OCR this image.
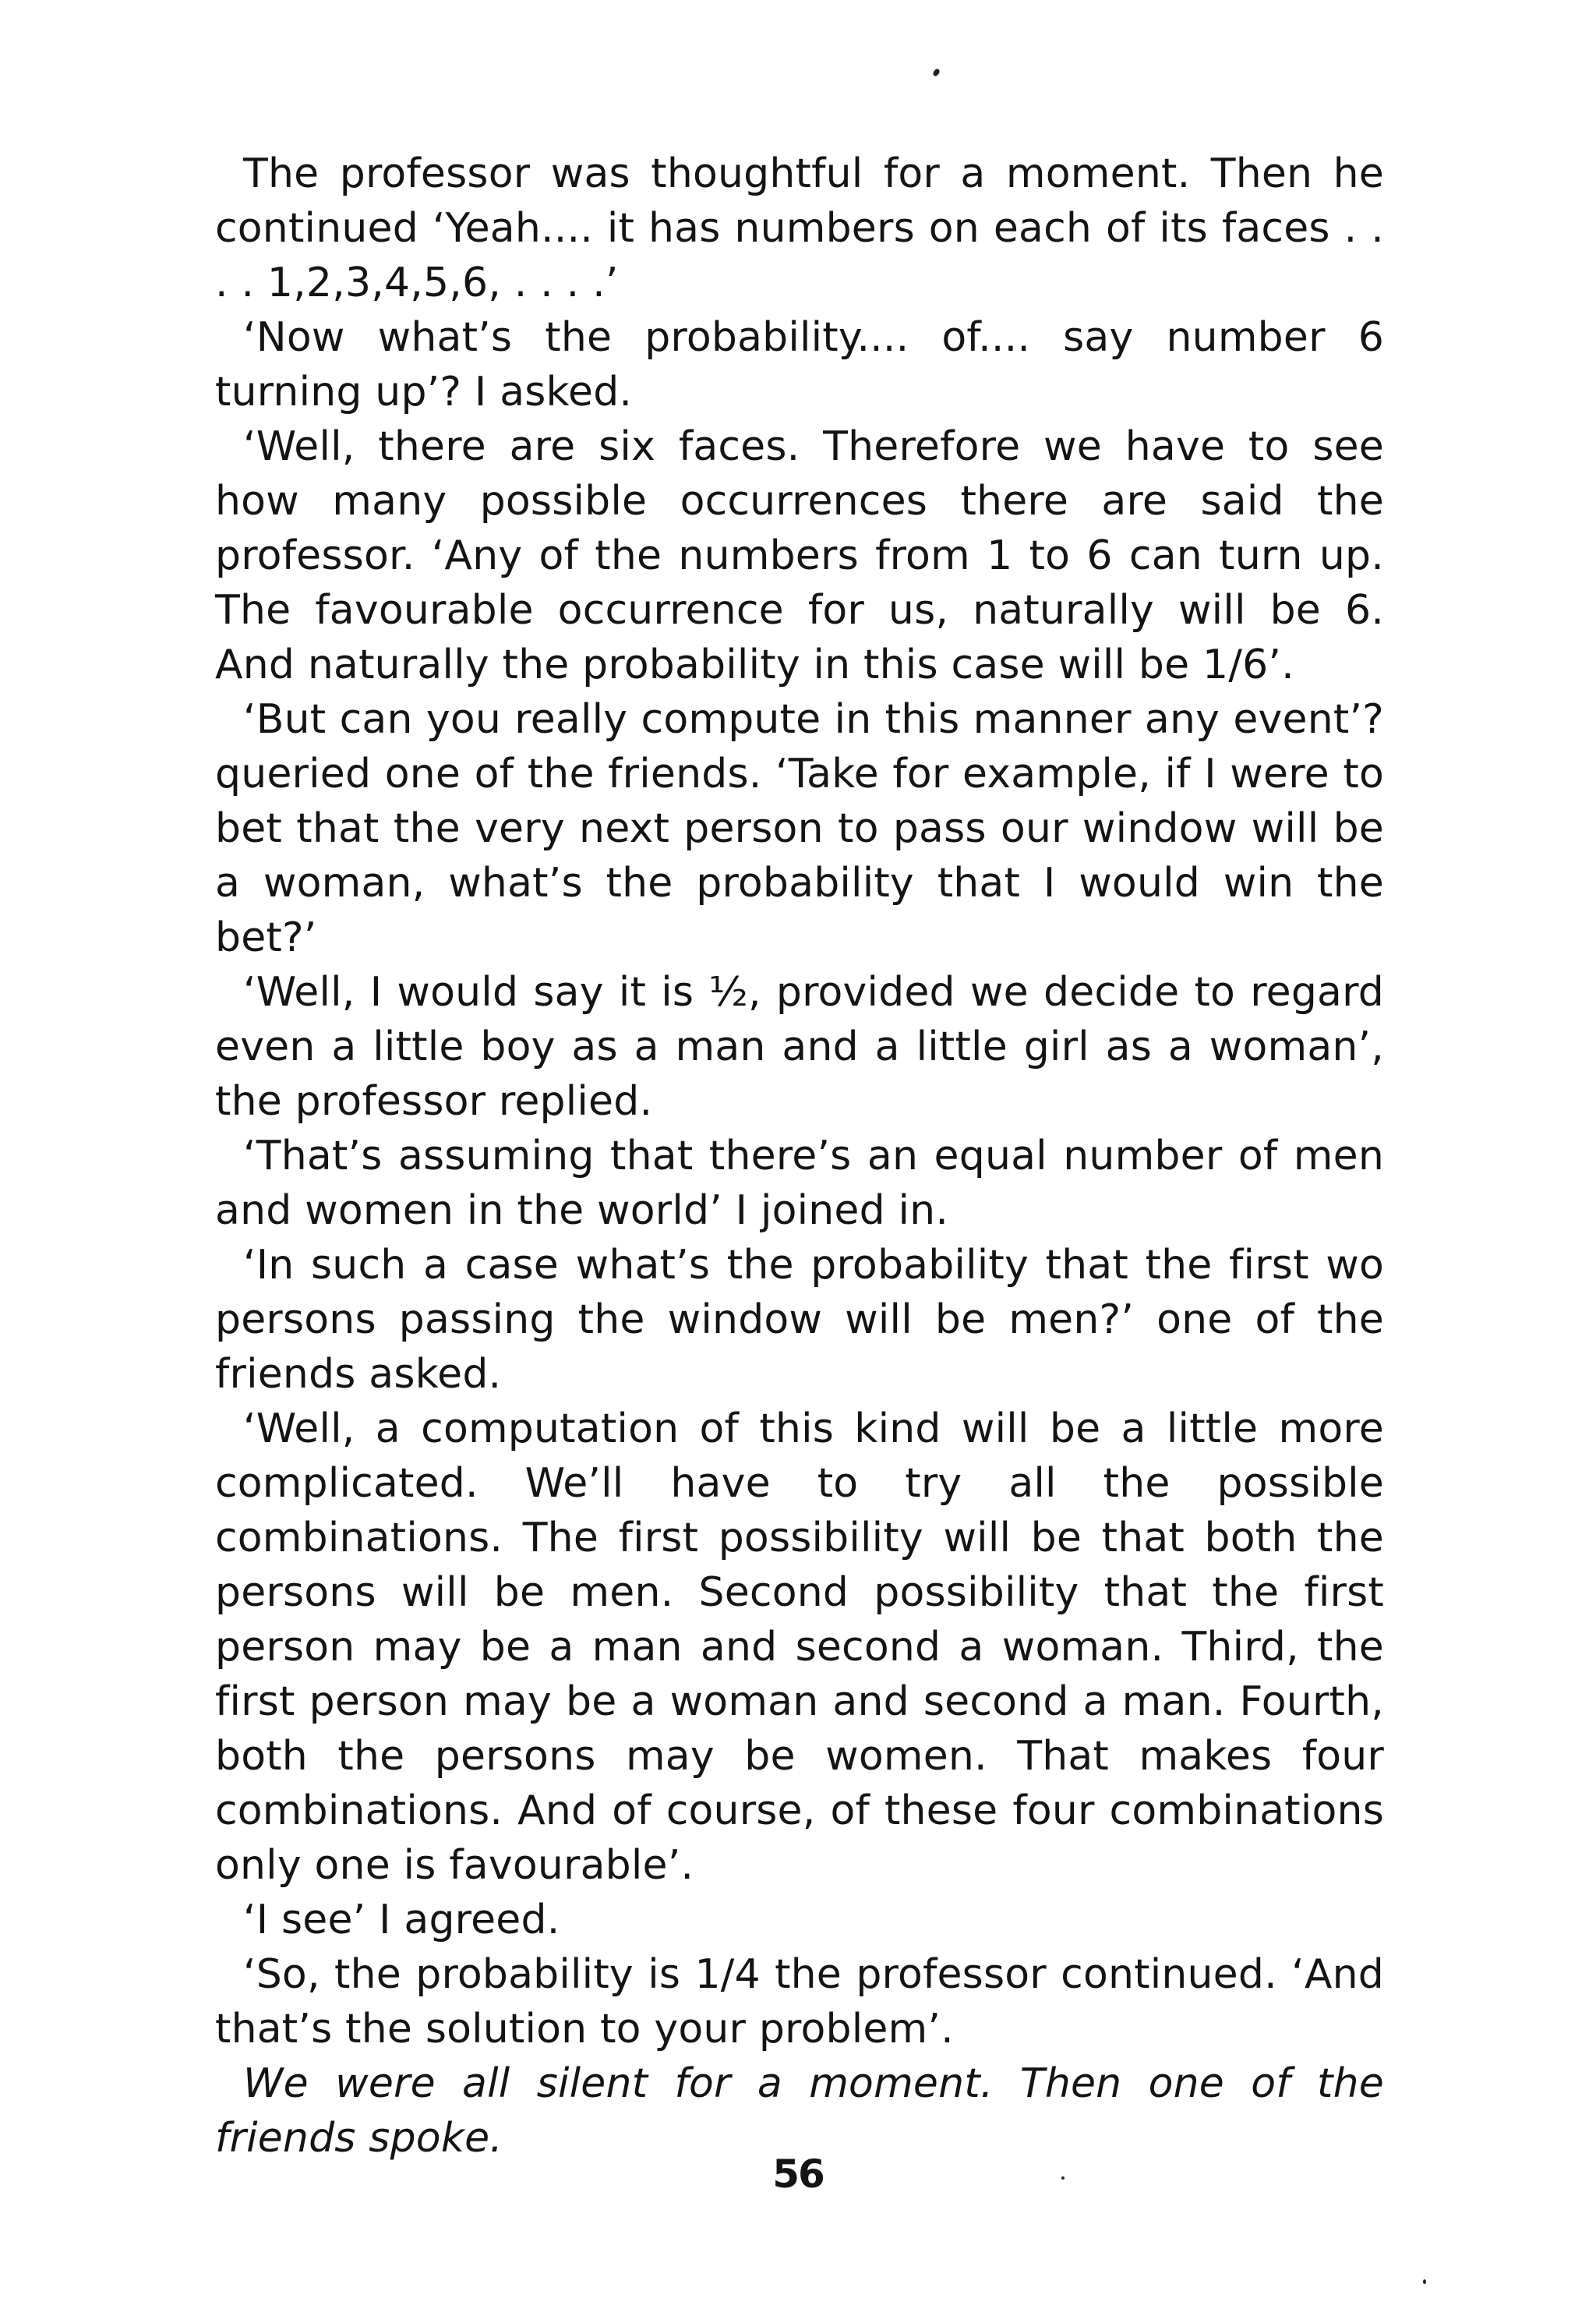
The professor was thoughtful for a moment. Then he continued ‘Yeah.... it has numbers on each of its faces . . . . 1,2,3,4,5,6, . . . .’

‘Now what’s the probability.... of.... say number 6 turning up’? I asked.

‘Well, there are six faces. Therefore we have to see how many possible occurrences there are said the professor. ‘Any of the numbers from 1 to 6 can turn up. The favourable occurrence for us, naturally will be 6. And naturally the probability in this case will be 1/6’.

‘But can you really compute in this manner any event’? queried one of the friends. ‘Take for example, if I were to bet that the very next person to pass our window will be a woman, what’s the probability that I would win the bet?’

‘Well, I would say it is ½, provided we decide to regard even a little boy as a man and a little girl as a woman’, the professor replied.

‘That’s assuming that there’s an equal number of men and women in the world’ I joined in.

‘In such a case what’s the probability that the first wo persons passing the window will be men?’ one of the friends asked.

‘Well, a computation of this kind will be a little more complicated. We’ll have to try all the possible combinations. The first possibility will be that both the persons will be men. Second possibility that the first person may be a man and second a woman. Third, the first person may be a woman and second a man. Fourth, both the persons may be women. That makes four combinations. And of course, of these four combinations only one is favourable’.

‘I see’ I agreed.

‘So, the probability is 1/4 the professor continued. ‘And that’s the solution to your problem’.

We were all silent for a moment. Then one of the friends spoke.

56
